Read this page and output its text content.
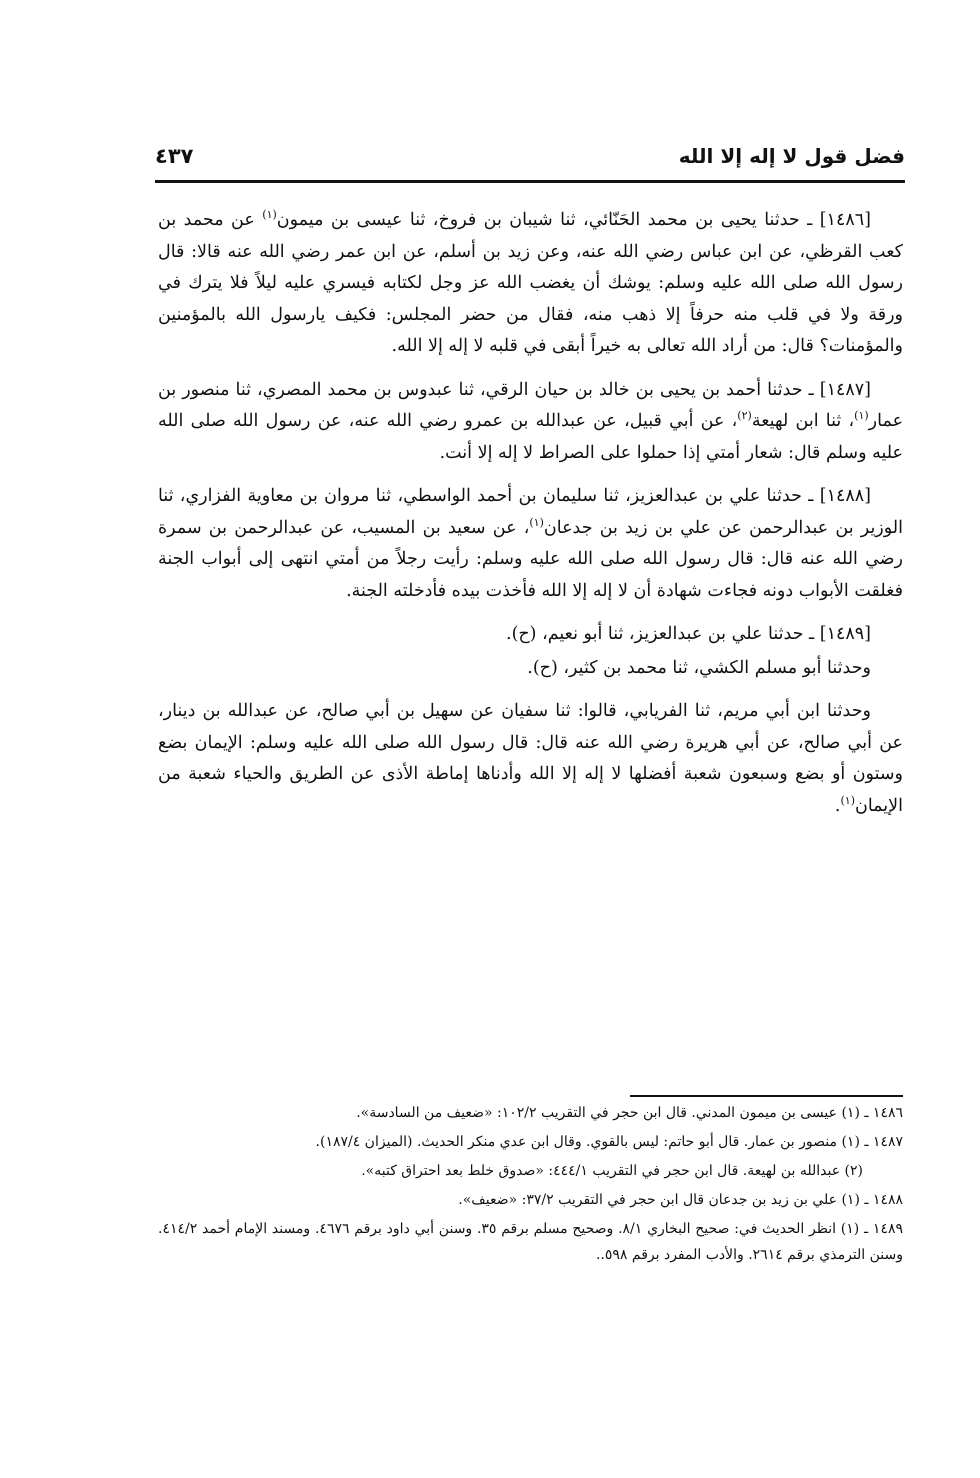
فضل قول لا إله إلا الله
٤٣٧

[١٤٨٦] ـ حدثنا يحيى بن محمد الحَنّائي، ثنا شيبان بن فروخ، ثنا عيسى بن ميمون$^{(١)}$ عن محمد بن كعب القرظي، عن ابن عباس رضي الله عنه، وعن زيد بن أسلم، عن ابن عمر رضي الله عنه قالا: قال رسول الله صلى الله عليه وسلم: يوشك أن يغضب الله عز وجل لكتابه فيسري عليه ليلاً فلا يترك في ورقة ولا في قلب منه حرفاً إلا ذهب منه، فقال من حضر المجلس: فكيف يارسول الله بالمؤمنين والمؤمنات؟ قال: من أراد الله تعالى به خيراً أبقى في قلبه لا إله إلا الله.

[١٤٨٧] ـ حدثنا أحمد بن يحيى بن خالد بن حيان الرقي، ثنا عبدوس بن محمد المصري، ثنا منصور بن عمار$^{(١)}$، ثنا ابن لهيعة$^{(٢)}$، عن أبي قبيل، عن عبدالله بن عمرو رضي الله عنه، عن رسول الله صلى الله عليه وسلم قال: شعار أمتي إذا حملوا على الصراط لا إله إلا أنت.

[١٤٨٨] ـ حدثنا علي بن عبدالعزيز، ثنا سليمان بن أحمد الواسطي، ثنا مروان بن معاوية الفزاري، ثنا الوزير بن عبدالرحمن عن علي بن زيد بن جدعان$^{(١)}$، عن سعيد بن المسيب، عن عبدالرحمن بن سمرة رضي الله عنه قال: قال رسول الله صلى الله عليه وسلم: رأيت رجلاً من أمتي انتهى إلى أبواب الجنة فغلقت الأبواب دونه فجاءت شهادة أن لا إله إلا الله فأخذت بيده فأدخلته الجنة.

[١٤٨٩] ـ حدثنا علي بن عبدالعزيز، ثنا أبو نعيم، (ح).

وحدثنا أبو مسلم الكشي، ثنا محمد بن كثير، (ح).

وحدثنا ابن أبي مريم، ثنا الفريابي، قالوا: ثنا سفيان عن سهيل بن أبي صالح، عن عبدالله بن دينار، عن أبي صالح، عن أبي هريرة رضي الله عنه قال: قال رسول الله صلى الله عليه وسلم: الإيمان بضع وستون أو بضع وسبعون شعبة أفضلها لا إله إلا الله وأدناها إماطة الأذى عن الطريق والحياء شعبة من الإيمان$^{(١)}$.

١٤٨٦ ـ (١) عيسى بن ميمون المدني. قال ابن حجر في التقريب ١٠٢/٢: «ضعيف من السادسة».

١٤٨٧ ـ (١) منصور بن عمار. قال أبو حاتم: ليس بالقوي. وقال ابن عدي منكر الحديث. (الميزان ١٨٧/٤).

(٢) عبدالله بن لهيعة. قال ابن حجر في التقريب ٤٤٤/١: «صدوق خلط بعد احتراق كتبه».

١٤٨٨ ـ (١) علي بن زيد بن جدعان قال ابن حجر في التقريب ٣٧/٢: «ضعيف».

١٤٨٩ ـ (١) انظر الحديث في: صحيح البخاري ٨/١. وصحيح مسلم برقم ٣٥. وسنن أبي داود برقم ٤٦٧٦. ومسند الإمام أحمد ٤١٤/٢. وسنن الترمذي برقم ٢٦١٤. والأدب المفرد برقم ٥٩٨..
